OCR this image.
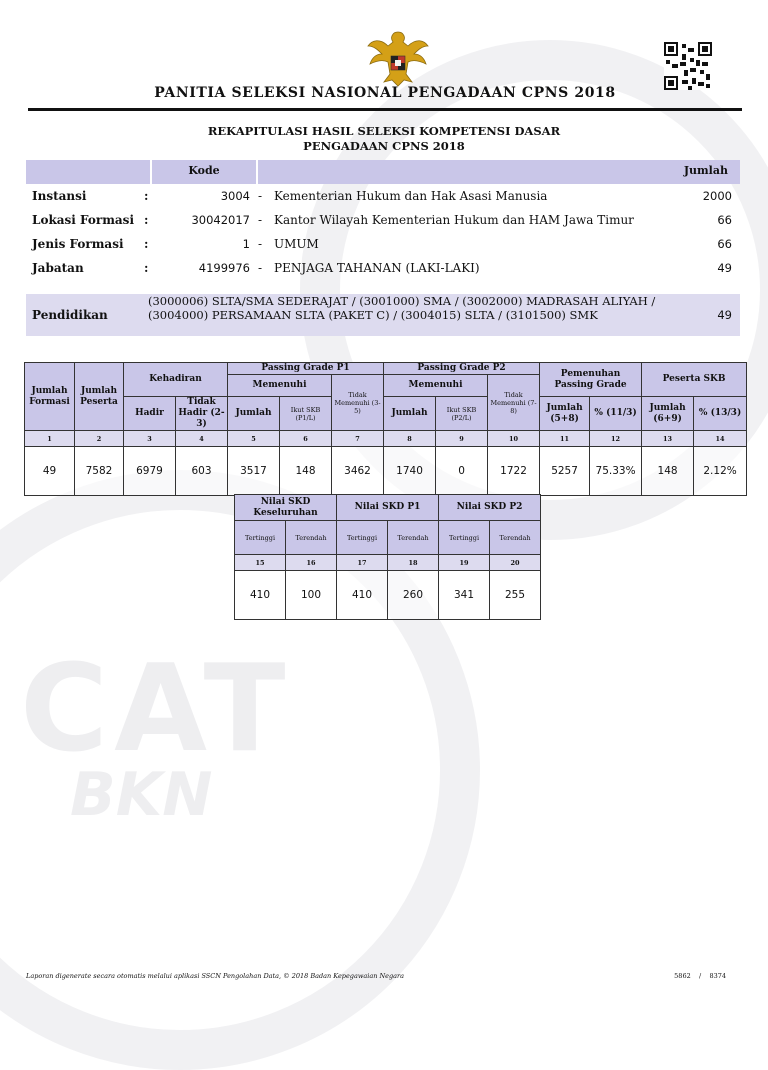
CAT
BKN
PANITIA SELEKSI NASIONAL PENGADAAN CPNS 2018
REKAPITULASI HASIL SELEKSI KOMPETENSI DASAR
PENGADAAN CPNS 2018
Kode	Jumlah
Instansi	:	3004 - Kementerian Hukum dan Hak Asasi Manusia	2000
Lokasi Formasi :	30042017 - Kantor Wilayah Kementerian Hukum dan HAM Jawa Timur	66
Jenis Formasi :	1 - UMUM	66
Jabatan	:	4199976 - PENJAGA TAHANAN (LAKI-LAKI)	49
Pendidikan
(3000006) SLTA/SMA SEDERAJAT / (3001000) SMA / (3002000) MADRASAH ALIYAH / (3004000) PERSAMAAN SLTA (PAKET C) / (3004015) SLTA / (3101500) SMK	49
Jumlah Formasi	Jumlah Peserta	Kehadiran		Passing Grade P1			Passing Grade P2			Pemenuhan Passing Grade		Peserta SKB	
				Memenuhi		Tidak Memenuhi (3-5)	Memenuhi		Tidak Memenuhi (7-8)				
		Hadir	Tidak Hadir (2-3)	Jumlah	Ikut SKB (P1/L)		Jumlah	Ikut SKB (P2/L)		Jumlah (5+8)	% (11/3)	Jumlah (6+9)	% (13/3)
1	2	3	4	5	6	7	8	9	10	11	12	13	14
49	7582	6979	603	3517	148	3462	1740	0	1722	5257	75.33%	148	2.12%
Nilai SKD Keseluruhan		Nilai SKD P1		Nilai SKD P2	
Tertinggi	Terendah	Tertinggi	Terendah	Tertinggi	Terendah
15	16	17	18	19	20
410	100	410	260	341	255
Laporan digenerate secara otomatis melalui aplikasi SSCN Pengolahan Data, © 2018 Badan Kepegawaian Negara	5862 / 8374
